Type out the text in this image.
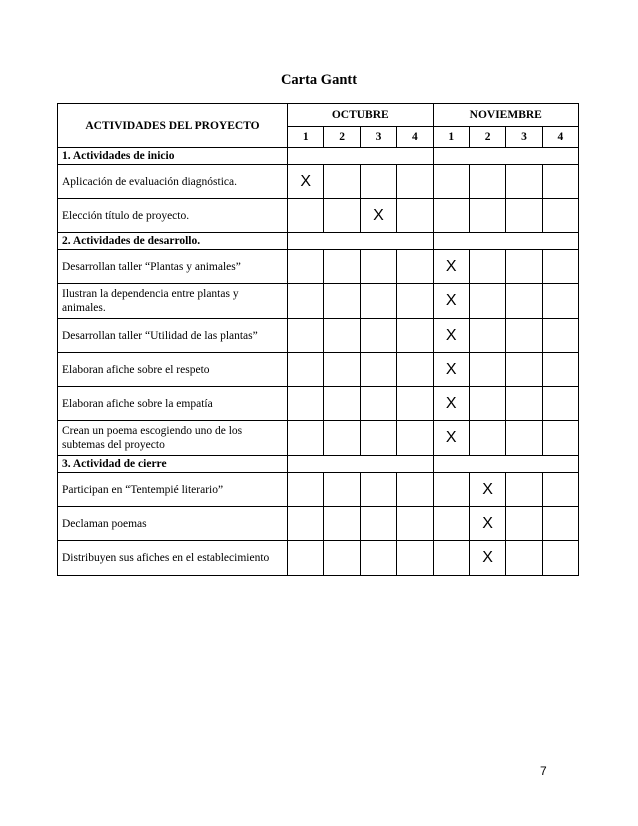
Carta Gantt
ACTIVIDADES DEL PROYECTO	OCTUBRE				NOVIEMBRE			
	1	2	3	4	1	2	3	4
1. Actividades de inicio								
Aplicación de evaluación diagnóstica.	X							
Elección título de proyecto.			X					
2. Actividades de desarrollo.								
Desarrollan taller “Plantas y animales”					X			
Ilustran la dependencia entre plantas y animales.					X			
Desarrollan taller “Utilidad de las plantas”					X			
Elaboran afiche sobre el respeto					X			
Elaboran afiche sobre la empatía					X			
Crean un poema escogiendo uno de los subtemas del proyecto					X			
3. Actividad de cierre								
Participan en “Tentempié literario”						X		
Declaman poemas						X		
Distribuyen sus afiches en el establecimiento						X		
7
